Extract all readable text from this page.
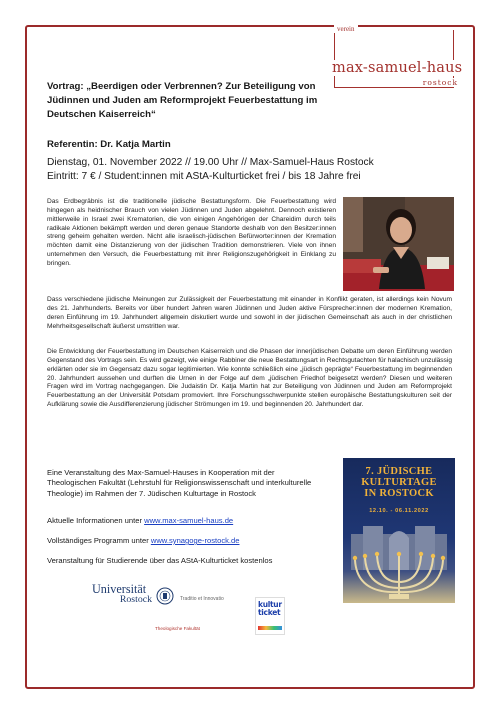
verein
max-samuel-haus
rostock
Vortrag: „Beerdigen oder Verbrennen? Zur Beteiligung von Jüdinnen und Juden am Reformprojekt Feuerbestattung im Deutschen Kaiserreich“
Referentin: Dr. Katja Martin
Dienstag, 01. November 2022 // 19.00 Uhr // Max-Samuel-Haus Rostock
Eintritt: 7 € / Student:innen mit AStA-Kulturticket frei / bis 18 Jahre frei
Das Erdbegräbnis ist die traditionelle jüdische Bestattungsform. Die Feuerbestattung wird hingegen als heidnischer Brauch von vielen Jüdinnen und Juden abgelehnt. Dennoch existieren mittlerweile in Israel zwei Krematorien, die von einigen Angehörigen der Chareidim durch teils radikale Aktionen bekämpft werden und deren genaue Standorte deshalb von den Besitzer:innen streng geheim gehalten werden. Nicht alle israelisch-jüdischen Befürworter:innen der Kremation möchten damit eine Distanzierung von der jüdischen Tradition demonstrieren. Viele von ihnen unternehmen den Versuch, die Feuerbestattung mit ihrer Religionszugehörigkeit in Einklang zu bringen.
Dass verschiedene jüdische Meinungen zur Zulässigkeit der Feuerbestattung mit einander in Konflikt geraten, ist allerdings kein Novum des 21. Jahrhunderts. Bereits vor über hundert Jahren waren Jüdinnen und Juden aktive Fürsprecher:innen der modernen Kremation, deren Einführung im 19. Jahrhundert allgemein diskutiert wurde und sowohl in der jüdischen Gemeinschaft als auch in der christlichen Mehrheitsgesellschaft äußerst umstritten war.
Die Entwicklung der Feuerbestattung im Deutschen Kaiserreich und die Phasen der innerjüdischen Debatte um deren Einführung werden Gegenstand des Vortrags sein. Es wird gezeigt, wie einige Rabbiner die neue Bestattungsart in Rechtsgutachten für halachisch unzulässig erklärten oder sie im Gegensatz dazu sogar legitimierten. Wie konnte schließlich eine „jüdisch geprägte“ Feuerbestattung im beginnenden 20. Jahrhundert aussehen und durften die Urnen in der Folge auf dem „jüdischen Friedhof beigesetzt werden? Diesen und weiteren Fragen wird im Vortrag nachgegangen. Die Judaistin Dr. Katja Martin hat zur Beteiligung von Jüdinnen und Juden am Reformprojekt Feuerbestattung an der Universität Potsdam promoviert. Ihre Forschungsschwerpunkte stellen europäische Bestattungskulturen seit der Aufklärung sowie die Ausdifferenzierung jüdischer Strömungen im 19. und beginnenden 20. Jahrhundert dar.
Eine Veranstaltung des Max-Samuel-Hauses in Kooperation mit der Theologischen Fakultät (Lehrstuhl für Religionswissenschaft und interkulturelle Theologie) im Rahmen der 7. Jüdischen Kulturtage in Rostock
Aktuelle Informationen unter www.max-samuel-haus.de
Vollständiges Programm unter www.synagoge-rostock.de
Veranstaltung für Studierende über das AStA-Kulturticket kostenlos
7. JÜDISCHE
KULTURTAGE
IN ROSTOCK
12.10. - 06.11.2022
Universität
Rostock	Traditio et Innovatio
Theologische Fakultät
kultur
ticket
